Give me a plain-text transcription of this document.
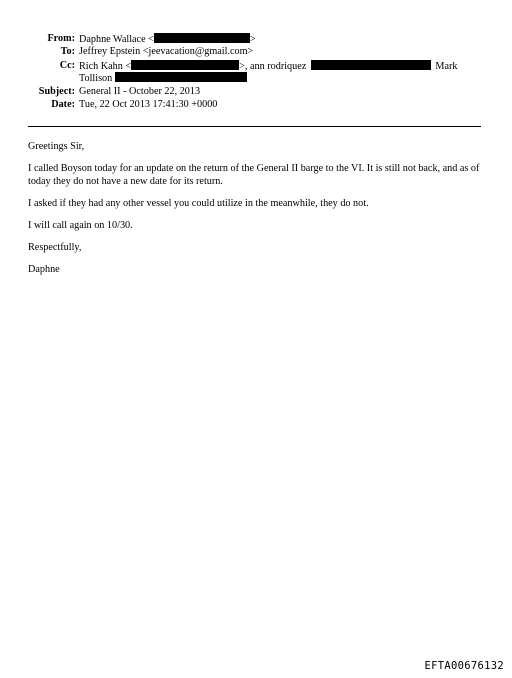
From: Daphne Wallace <	>
To: Jeffrey Epstein <jeevacation@gmail.com>
Cc: Rich Kahn <	>, ann rodriquez	Mark
Tollison
Subject: General II - October 22, 2013
Date: Tue, 22 Oct 2013 17:41:30 +0000
Greetings Sir,
I called Boyson today for an update on the return of the General II barge to the VI. It is still not back, and as of today they do not have a new date for its return.
I asked if they had any other vessel you could utilize in the meanwhile, they do not.
I will call again on 10/30.
Respectfully,
Daphne
EFTA00676132
